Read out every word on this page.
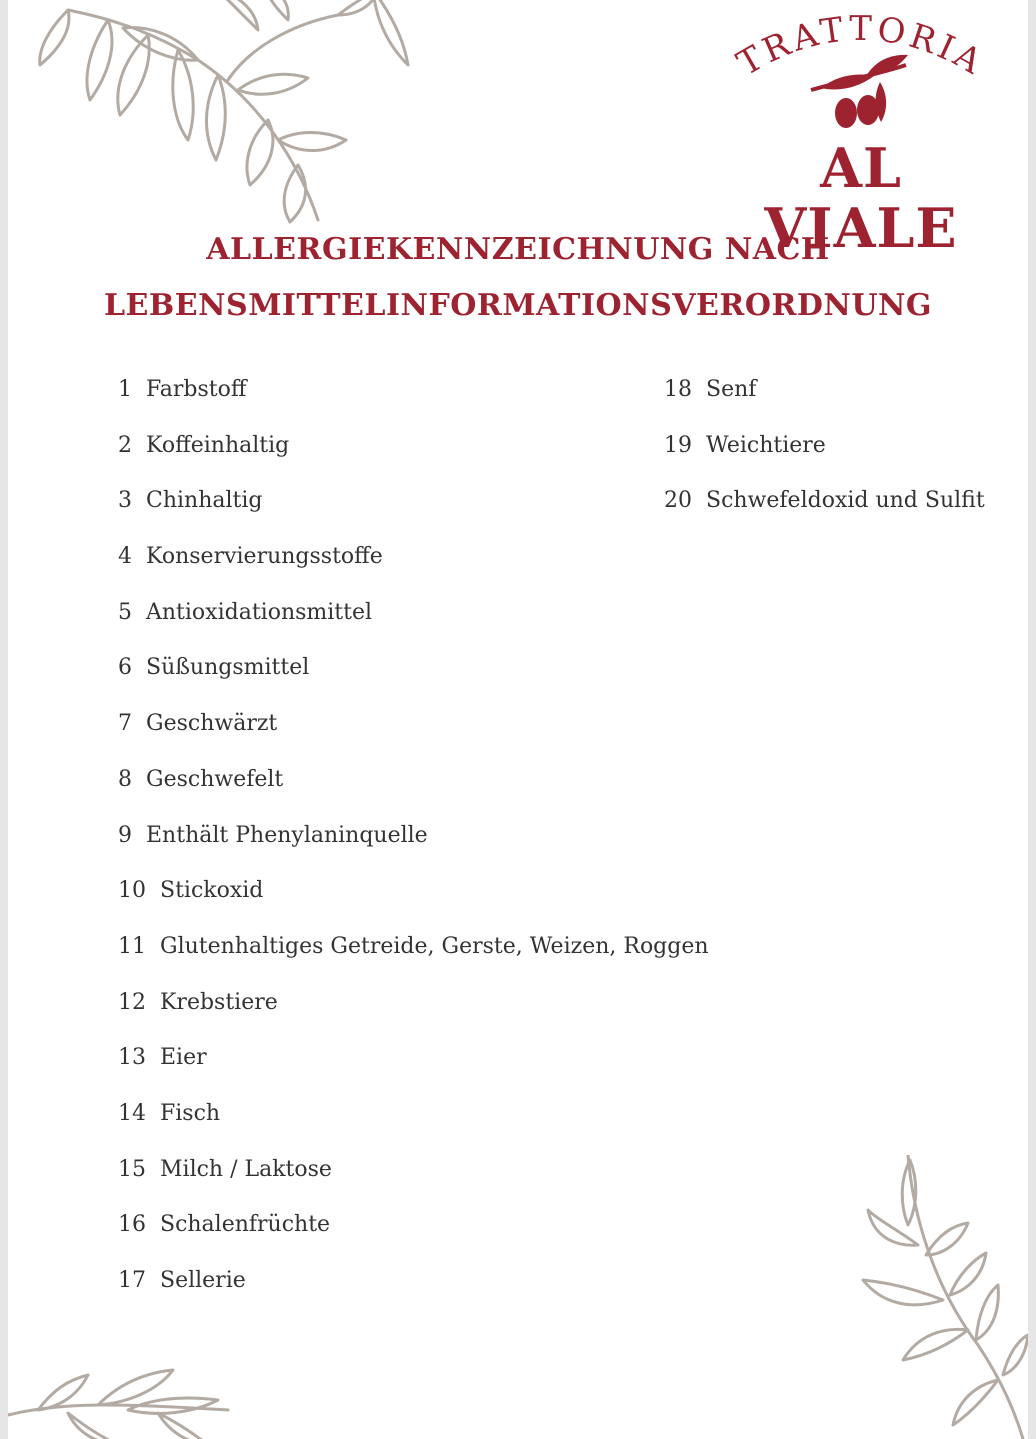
TRATTORIA
AL VIALE
ALLERGIEKENNZEICHNUNG NACH
LEBENSMITTELINFORMATIONSVERORDNUNG
1 Farbstoff
2 Koffeinhaltig
3 Chinhaltig
4 Konservierungsstoffe
5 Antioxidationsmittel
6 Süßungsmittel
7 Geschwärzt
8 Geschwefelt
9 Enthält Phenylaninquelle
10 Stickoxid
11 Glutenhaltiges Getreide, Gerste, Weizen, Roggen
12 Krebstiere
13 Eier
14 Fisch
15 Milch / Laktose
16 Schalenfrüchte
17 Sellerie
18 Senf
19 Weichtiere
20 Schwefeldoxid und Sulfit
